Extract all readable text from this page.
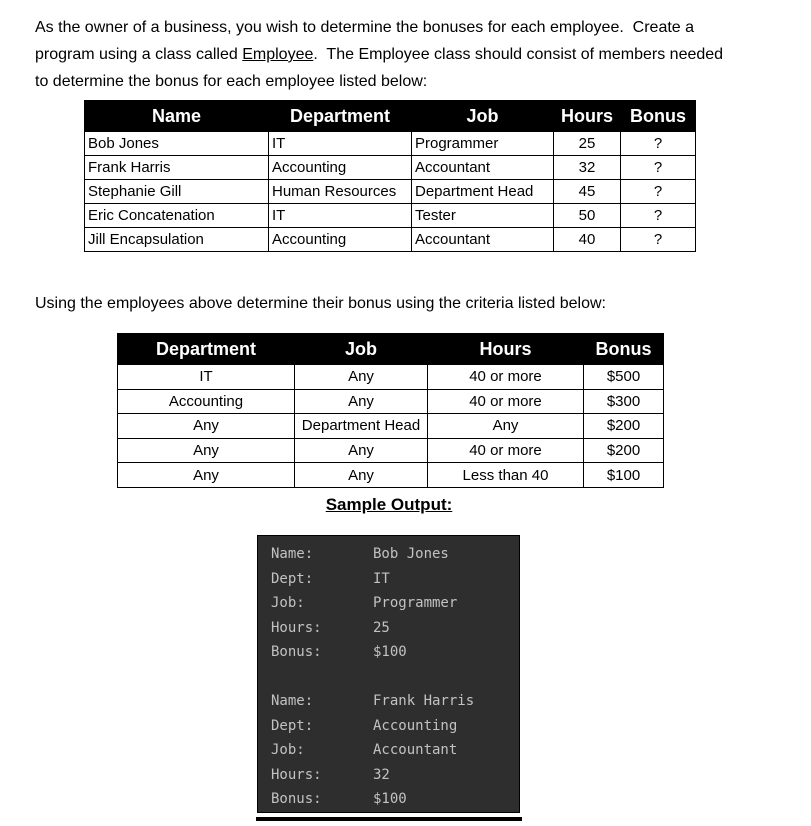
As the owner of a business, you wish to determine the bonuses for each employee.  Create a
program using a class called Employee.  The Employee class should consist of members needed
to determine the bonus for each employee listed below:
Name	Department	Job	Hours	Bonus
Bob Jones	IT	Programmer	25	?
Frank Harris	Accounting	Accountant	32	?
Stephanie Gill	Human Resources	Department Head	45	?
Eric Concatenation	IT	Tester	50	?
Jill Encapsulation	Accounting	Accountant	40	?
Using the employees above determine their bonus using the criteria listed below:
Department	Job	Hours	Bonus
IT	Any	40 or more	$500
Accounting	Any	40 or more	$300
Any	Department Head	Any	$200
Any	Any	40 or more	$200
Any	Any	Less than 40	$100
Sample Output:
Name:	Bob Jones
Dept:	IT
Job:	Programmer
Hours:	25
Bonus:	$100
Name:	Frank Harris
Dept:	Accounting
Job:	Accountant
Hours:	32
Bonus:	$100
